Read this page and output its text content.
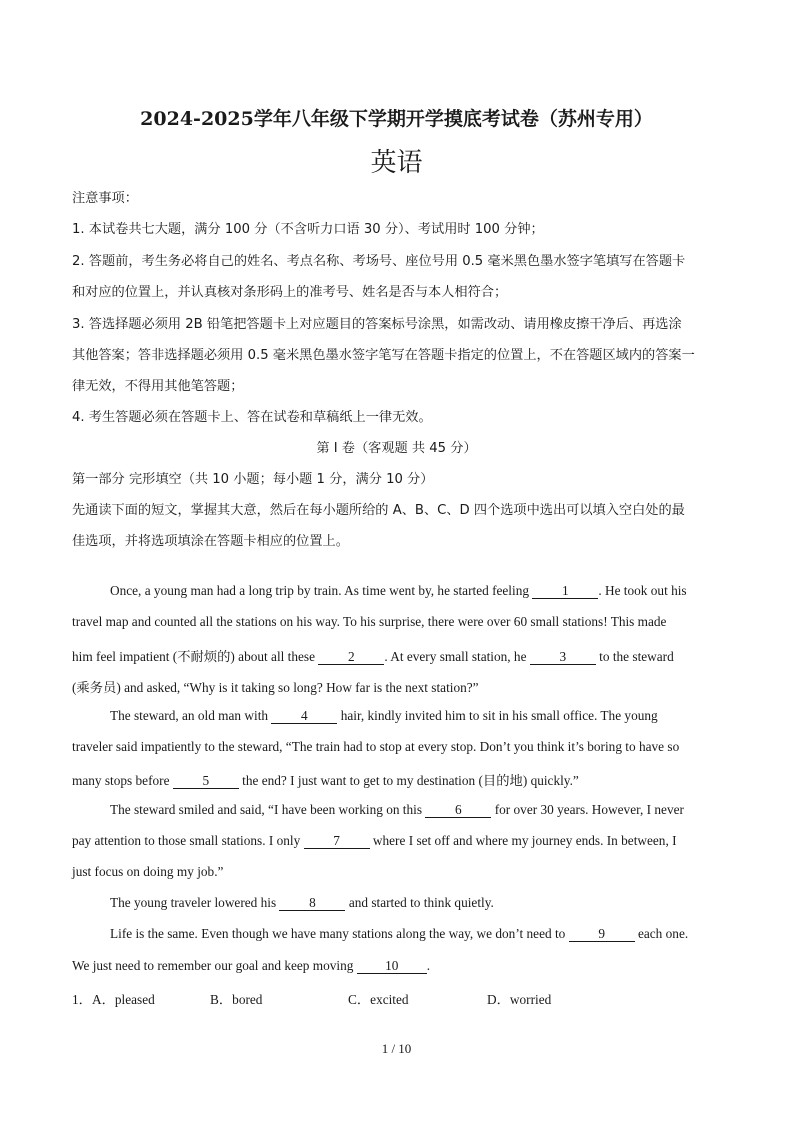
2024-2025学年八年级下学期开学摸底考试卷（苏州专用）
英语
注意事项：
1. 本试卷共七大题，满分 100 分（不含听力口语 30 分）、考试用时 100 分钟；
2. 答题前，考生务必将自己的姓名、考点名称、考场号、座位号用 0.5 毫米黑色墨水签字笔填写在答题卡
和对应的位置上，并认真核对条形码上的准考号、姓名是否与本人相符合；
3. 答选择题必须用 2B 铅笔把答题卡上对应题目的答案标号涂黑，如需改动、请用橡皮擦干净后、再选涂
其他答案；答非选择题必须用 0.5 毫米黑色墨水签字笔写在答题卡指定的位置上，不在答题区域内的答案一
律无效，不得用其他笔答题；
4. 考生答题必须在答题卡上、答在试卷和草稿纸上一律无效。
第 I 卷（客观题 共 45 分）
第一部分 完形填空（共 10 小题；每小题 1 分，满分 10 分）
先通读下面的短文，掌握其大意，然后在每小题所给的 A、B、C、D 四个选项中选出可以填入空白处的最
佳选项，并将选项填涂在答题卡相应的位置上。
Once, a young man had a long trip by train. As time went by, he started feeling 1 . He took out his
travel map and counted all the stations on his way. To his surprise, there were over 60 small stations! This made
him feel impatient (不耐烦的) about all these 2 . At every small station, he 3 to the steward
(乘务员) and asked, “Why is it taking so long? How far is the next station?”
The steward, an old man with 4 hair, kindly invited him to sit in his small office. The young
traveler said impatiently to the steward, “The train had to stop at every stop. Don’t you think it’s boring to have so
many stops before 5 the end? I just want to get to my destination (目的地) quickly.”
The steward smiled and said, “I have been working on this 6 for over 30 years. However, I never
pay attention to those small stations. I only 7 where I set off and where my journey ends. In between, I
just focus on doing my job.”
The young traveler lowered his 8 and started to think quietly.
Life is the same. Even though we have many stations along the way, we don’t need to 9 each one.
We just need to remember our goal and keep moving 10 .
1． A．pleased	B．bored	C．excited	D．worried
1 / 10
